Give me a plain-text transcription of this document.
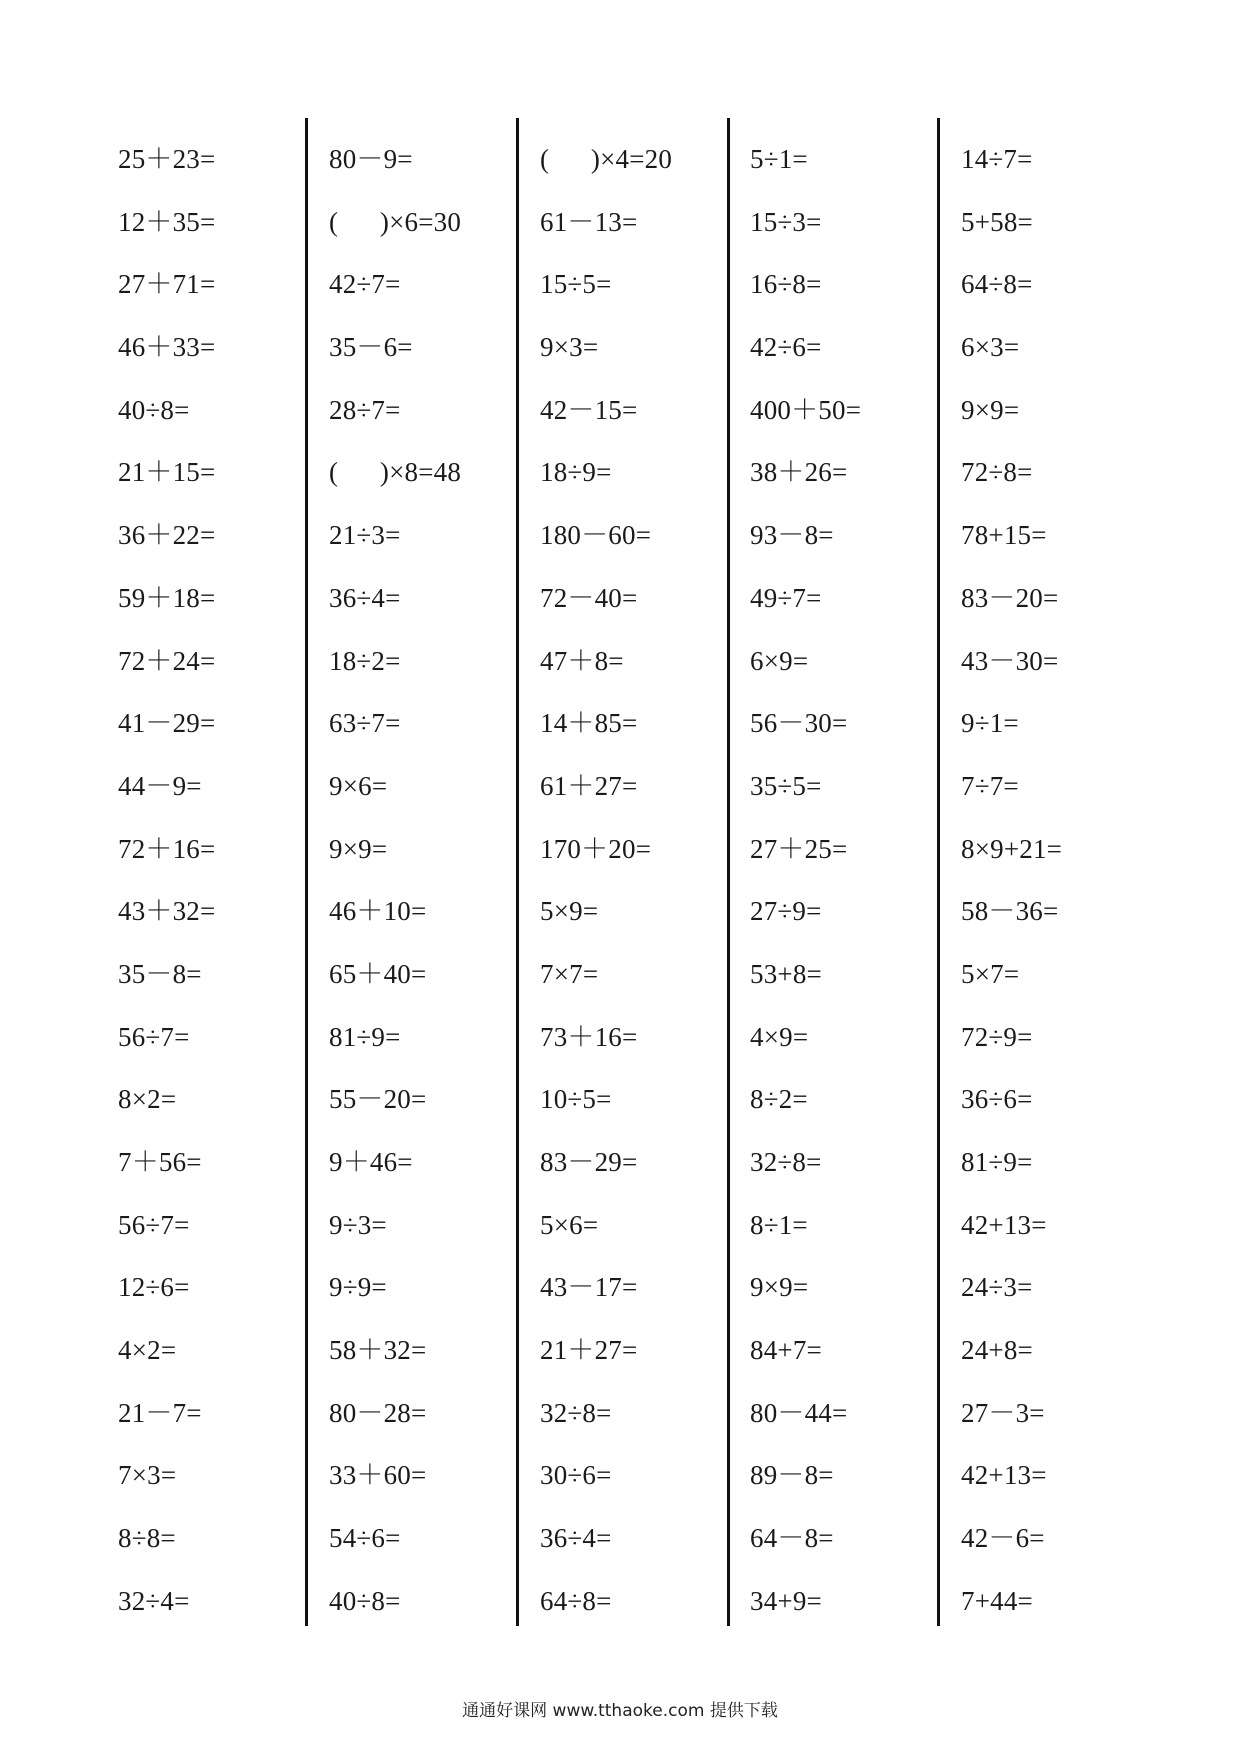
25＋23=
12＋35=
27＋71=
46＋33=
40÷8=
21＋15=
36＋22=
59＋18=
72＋24=
41－29=
44－9=
72＋16=
43＋32=
35－8=
56÷7=
8×2=
7＋56=
56÷7=
12÷6=
4×2=
21－7=
7×3=
8÷8=
32÷4=
80－9=
(      )×6=30
42÷7=
35－6=
28÷7=
(      )×8=48
21÷3=
36÷4=
18÷2=
63÷7=
9×6=
9×9=
46＋10=
65＋40=
81÷9=
55－20=
9＋46=
9÷3=
9÷9=
58＋32=
80－28=
33＋60=
54÷6=
40÷8=
(      )×4=20
61－13=
15÷5=
9×3=
42－15=
18÷9=
180－60=
72－40=
47＋8=
14＋85=
61＋27=
170＋20=
5×9=
7×7=
73＋16=
10÷5=
83－29=
5×6=
43－17=
21＋27=
32÷8=
30÷6=
36÷4=
64÷8=
5÷1=
15÷3=
16÷8=
42÷6=
400＋50=
38＋26=
93－8=
49÷7=
6×9=
56－30=
35÷5=
27＋25=
27÷9=
53+8=
4×9=
8÷2=
32÷8=
8÷1=
9×9=
84+7=
80－44=
89－8=
64－8=
34+9=
14÷7=
5+58=
64÷8=
6×3=
9×9=
72÷8=
78+15=
83－20=
43－30=
9÷1=
7÷7=
8×9+21=
58－36=
5×7=
72÷9=
36÷6=
81÷9=
42+13=
24÷3=
24+8=
27－3=
42+13=
42－6=
7+44=
通通好课网 www.tthaoke.com 提供下载
